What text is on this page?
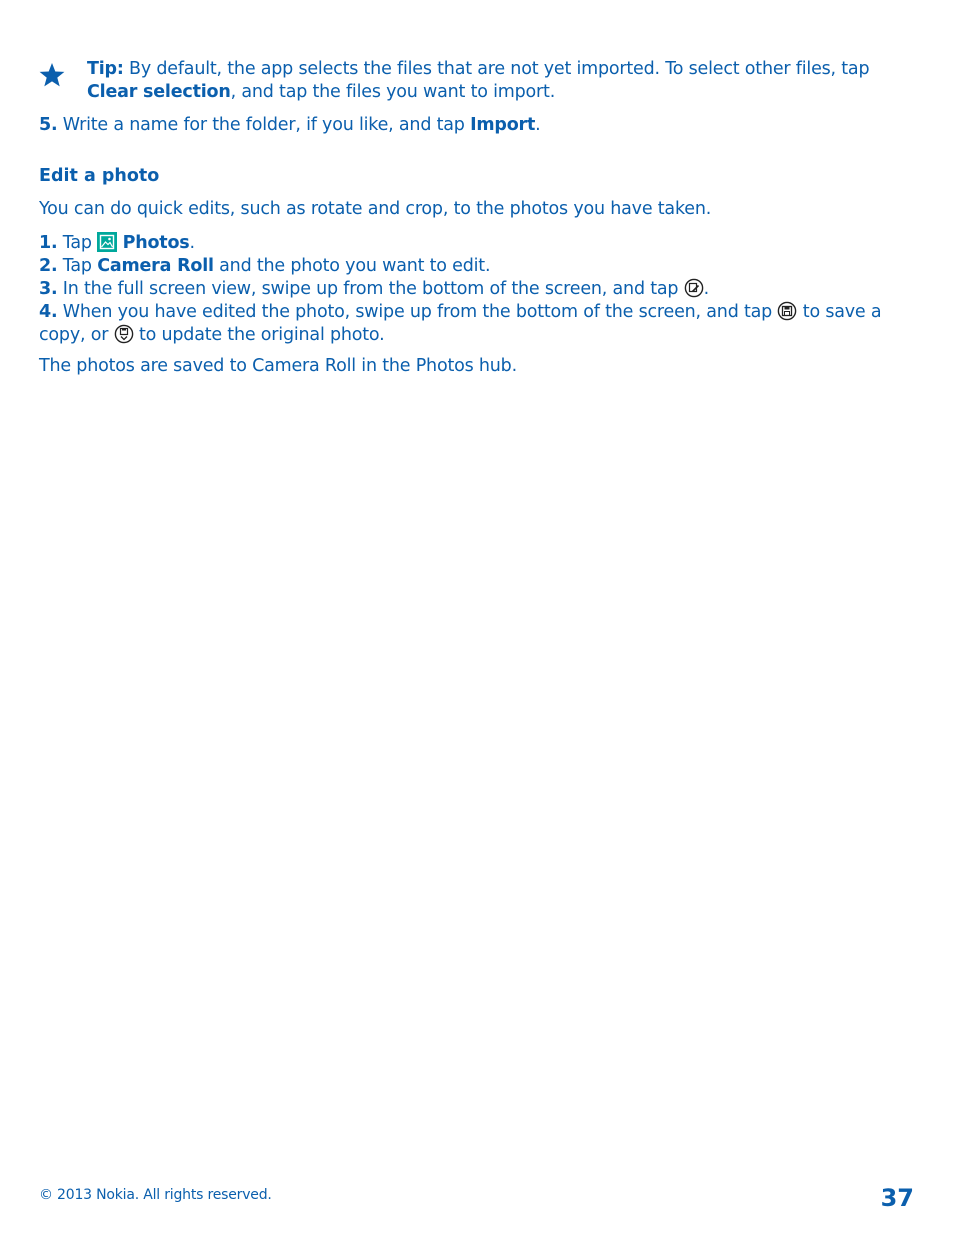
Tip: By default, the app selects the files that are not yet imported. To select other files, tap Clear selection, and tap the files you want to import.
5. Write a name for the folder, if you like, and tap Import.
Edit a photo
You can do quick edits, such as rotate and crop, to the photos you have taken.

1. Tap  Photos.

2. Tap Camera Roll and the photo you want to edit.

3. In the full screen view, swipe up from the bottom of the screen, and tap .

4. When you have edited the photo, swipe up from the bottom of the screen, and tap  to save a copy, or  to update the original photo.

The photos are saved to Camera Roll in the Photos hub.
© 2013 Nokia. All rights reserved.	37
